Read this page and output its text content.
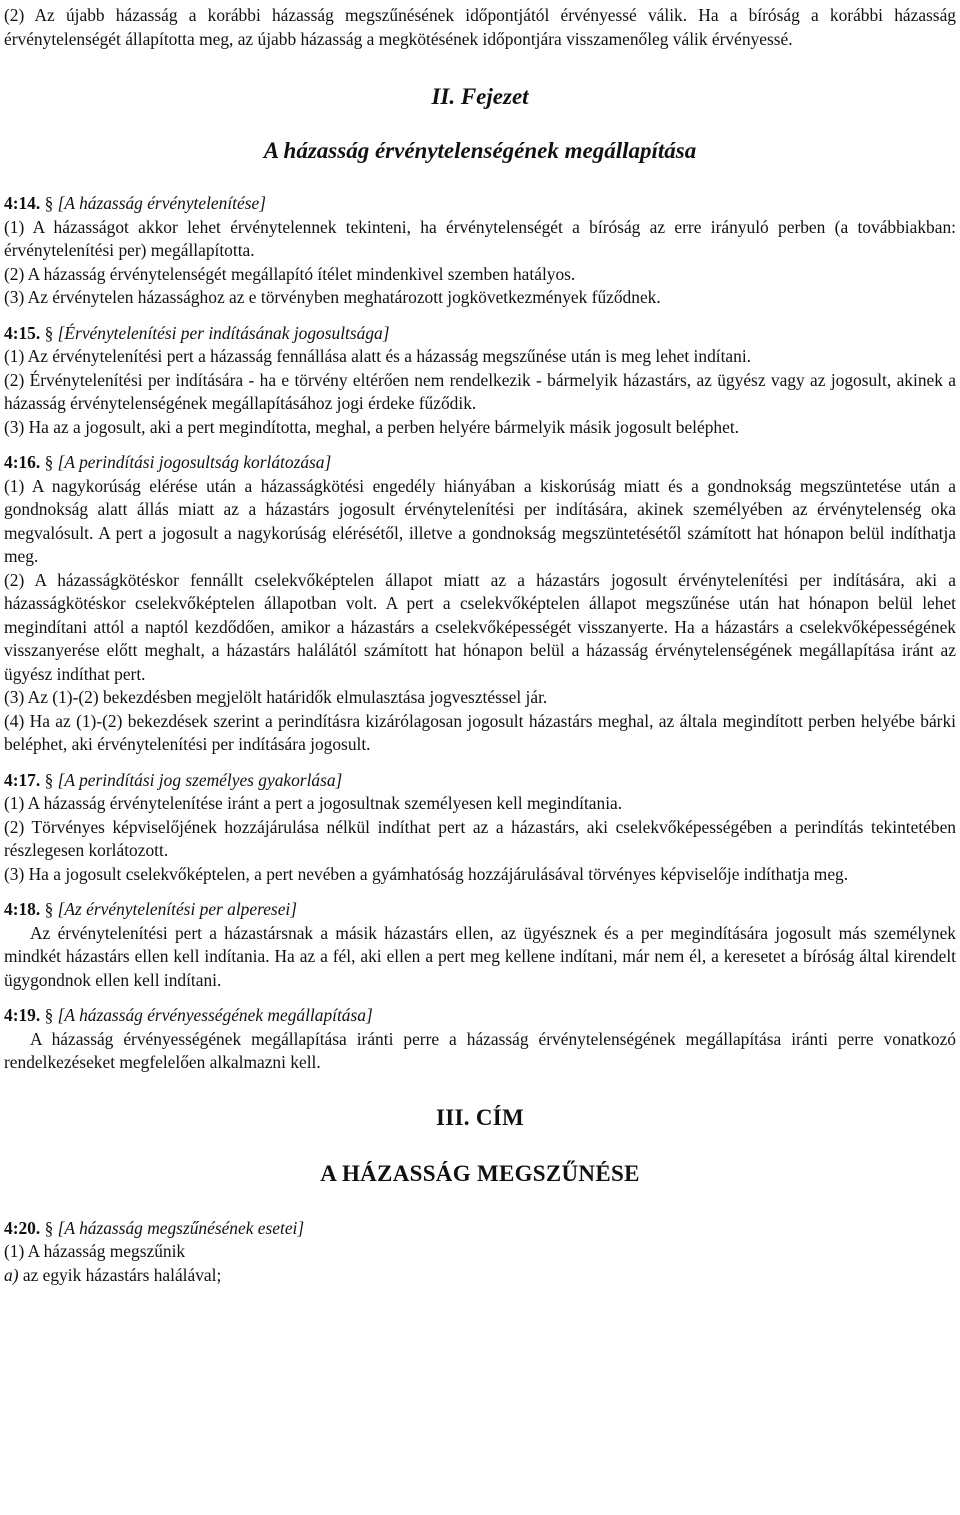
(2) Az újabb házasság a korábbi házasság megszűnésének időpontjától érvényessé válik. Ha a bíróság a korábbi házasság érvénytelenségét állapította meg, az újabb házasság a megkötésének időpontjára visszamenőleg válik érvényessé.

II. Fejezet

A házasság érvénytelenségének megállapítása

4:14. § [A házasság érvénytelenítése]

(1) A házasságot akkor lehet érvénytelennek tekinteni, ha érvénytelenségét a bíróság az erre irányuló perben (a továbbiakban: érvénytelenítési per) megállapította.

(2) A házasság érvénytelenségét megállapító ítélet mindenkivel szemben hatályos.

(3) Az érvénytelen házassághoz az e törvényben meghatározott jogkövetkezmények fűződnek.

4:15. § [Érvénytelenítési per indításának jogosultsága]

(1) Az érvénytelenítési pert a házasság fennállása alatt és a házasság megszűnése után is meg lehet indítani.

(2) Érvénytelenítési per indítására - ha e törvény eltérően nem rendelkezik - bármelyik házastárs, az ügyész vagy az jogosult, akinek a házasság érvénytelenségének megállapításához jogi érdeke fűződik.

(3) Ha az a jogosult, aki a pert megindította, meghal, a perben helyére bármelyik másik jogosult beléphet.

4:16. § [A perindítási jogosultság korlátozása]

(1) A nagykorúság elérése után a házasságkötési engedély hiányában a kiskorúság miatt és a gondnokság megszüntetése után a gondnokság alatt állás miatt az a házastárs jogosult érvénytelenítési per indítására, akinek személyében az érvénytelenség oka megvalósult. A pert a jogosult a nagykorúság elérésétől, illetve a gondnokság megszüntetésétől számított hat hónapon belül indíthatja meg.

(2) A házasságkötéskor fennállt cselekvőképtelen állapot miatt az a házastárs jogosult érvénytelenítési per indítására, aki a házasságkötéskor cselekvőképtelen állapotban volt. A pert a cselekvőképtelen állapot megszűnése után hat hónapon belül lehet megindítani attól a naptól kezdődően, amikor a házastárs a cselekvőképességét visszanyerte. Ha a házastárs a cselekvőképességének visszanyerése előtt meghalt, a házastárs halálától számított hat hónapon belül a házasság érvénytelenségének megállapítása iránt az ügyész indíthat pert.

(3) Az (1)-(2) bekezdésben megjelölt határidők elmulasztása jogvesztéssel jár.

(4) Ha az (1)-(2) bekezdések szerint a perindításra kizárólagosan jogosult házastárs meghal, az általa megindított perben helyébe bárki beléphet, aki érvénytelenítési per indítására jogosult.

4:17. § [A perindítási jog személyes gyakorlása]

(1) A házasság érvénytelenítése iránt a pert a jogosultnak személyesen kell megindítania.

(2) Törvényes képviselőjének hozzájárulása nélkül indíthat pert az a házastárs, aki cselekvőképességében a perindítás tekintetében részlegesen korlátozott.

(3) Ha a jogosult cselekvőképtelen, a pert nevében a gyámhatóság hozzájárulásával törvényes képviselője indíthatja meg.

4:18. § [Az érvénytelenítési per alperesei]

Az érvénytelenítési pert a házastársnak a másik házastárs ellen, az ügyésznek és a per megindítására jogosult más személynek mindkét házastárs ellen kell indítania. Ha az a fél, aki ellen a pert meg kellene indítani, már nem él, a keresetet a bíróság által kirendelt ügygondnok ellen kell indítani.

4:19. § [A házasság érvényességének megállapítása]

A házasság érvényességének megállapítása iránti perre a házasság érvénytelenségének megállapítása iránti perre vonatkozó rendelkezéseket megfelelően alkalmazni kell.

III. CÍM

A HÁZASSÁG MEGSZŰNÉSE

4:20. § [A házasság megszűnésének esetei]

(1) A házasság megszűnik

a) az egyik házastárs halálával;
